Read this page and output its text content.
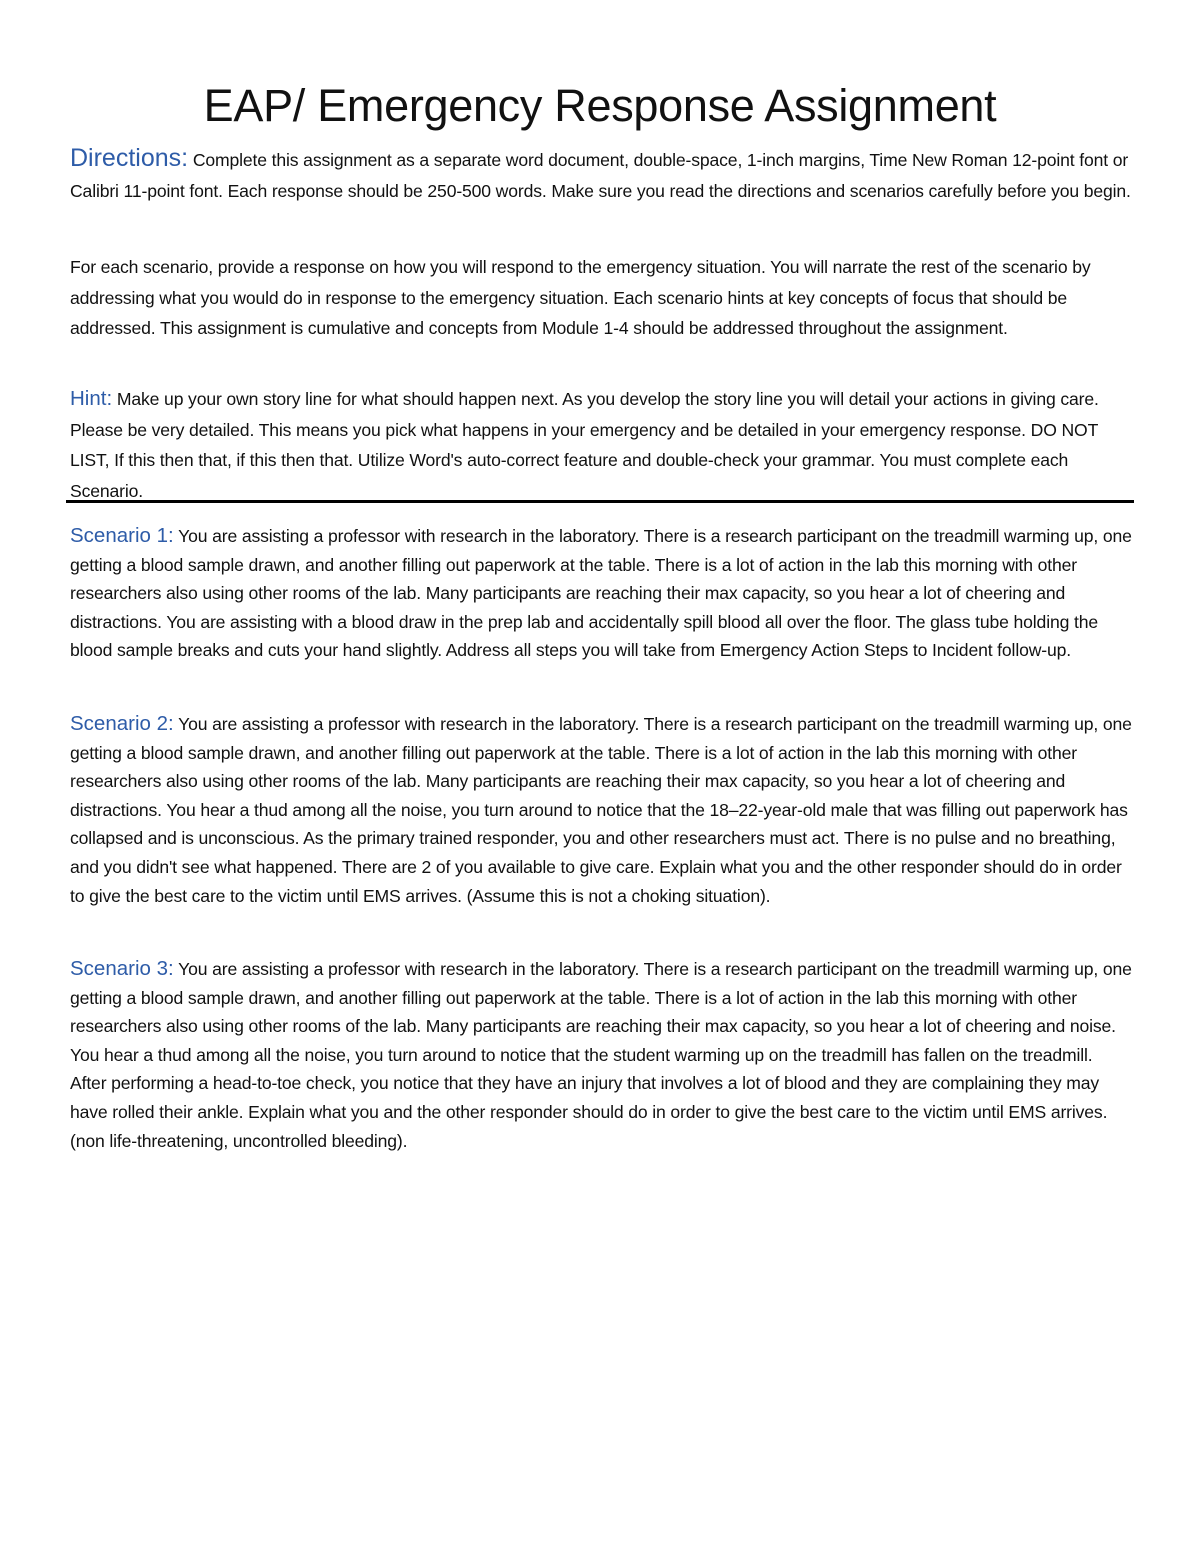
EAP/ Emergency Response Assignment

Directions: Complete this assignment as a separate word document, double-space, 1-inch margins, Time New Roman 12-point font or Calibri 11-point font. Each response should be 250-500 words. Make sure you read the directions and scenarios carefully before you begin.

For each scenario, provide a response on how you will respond to the emergency situation. You will narrate the rest of the scenario by addressing what you would do in response to the emergency situation. Each scenario hints at key concepts of focus that should be addressed. This assignment is cumulative and concepts from Module 1-4 should be addressed throughout the assignment.

Hint: Make up your own story line for what should happen next. As you develop the story line you will detail your actions in giving care. Please be very detailed. This means you pick what happens in your emergency and be detailed in your emergency response. DO NOT LIST, If this then that, if this then that. Utilize Word's auto-correct feature and double-check your grammar. You must complete each Scenario.

Scenario 1: You are assisting a professor with research in the laboratory. There is a research participant on the treadmill warming up, one getting a blood sample drawn, and another filling out paperwork at the table. There is a lot of action in the lab this morning with other researchers also using other rooms of the lab. Many participants are reaching their max capacity, so you hear a lot of cheering and distractions. You are assisting with a blood draw in the prep lab and accidentally spill blood all over the floor. The glass tube holding the blood sample breaks and cuts your hand slightly. Address all steps you will take from Emergency Action Steps to Incident follow-up.

Scenario 2: You are assisting a professor with research in the laboratory. There is a research participant on the treadmill warming up, one getting a blood sample drawn, and another filling out paperwork at the table. There is a lot of action in the lab this morning with other researchers also using other rooms of the lab. Many participants are reaching their max capacity, so you hear a lot of cheering and distractions. You hear a thud among all the noise, you turn around to notice that the 18–22-year-old male that was filling out paperwork has collapsed and is unconscious. As the primary trained responder, you and other researchers must act. There is no pulse and no breathing, and you didn't see what happened. There are 2 of you available to give care. Explain what you and the other responder should do in order to give the best care to the victim until EMS arrives. (Assume this is not a choking situation).

Scenario 3: You are assisting a professor with research in the laboratory. There is a research participant on the treadmill warming up, one getting a blood sample drawn, and another filling out paperwork at the table. There is a lot of action in the lab this morning with other researchers also using other rooms of the lab. Many participants are reaching their max capacity, so you hear a lot of cheering and noise. You hear a thud among all the noise, you turn around to notice that the student warming up on the treadmill has fallen on the treadmill. After performing a head-to-toe check, you notice that they have an injury that involves a lot of blood and they are complaining they may have rolled their ankle. Explain what you and the other responder should do in order to give the best care to the victim until EMS arrives. (non life-threatening, uncontrolled bleeding).
